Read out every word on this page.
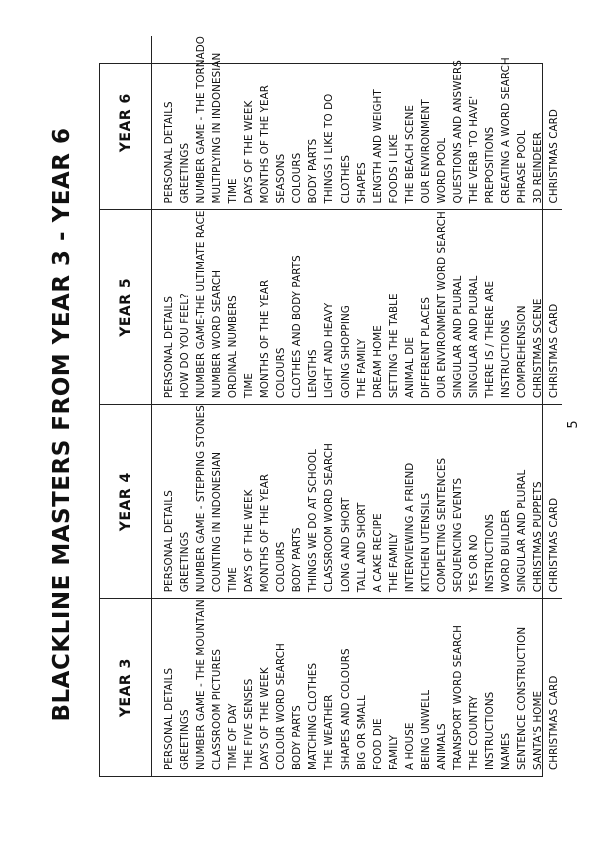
BLACKLINE MASTERS FROM YEAR 3 - YEAR 6	YEAR 3
YEAR 4
YEAR 5
YEAR 6
PERSONAL DETAILS GREETINGS NUMBER GAME - THE MOUNTAIN CLASSROOM PICTURES TIME OF DAY THE FIVE SENSES DAYS OF THE WEEK COLOUR WORD SEARCH BODY PARTS MATCHING CLOTHES THE WEATHER SHAPES AND COLOURS BIG OR SMALL FOOD DIE FAMILY A HOUSE BEING UNWELL ANIMALS TRANSPORT WORD SEARCH THE COUNTRY INSTRUCTIONS NAMES SENTENCE CONSTRUCTION SANTA'S HOME CHRISTMAS CARD
PERSONAL DETAILS GREETINGS NUMBER GAME - STEPPING STONES COUNTING IN INDONESIAN TIME DAYS OF THE WEEK MONTHS OF THE YEAR COLOURS BODY PARTS THINGS WE DO AT SCHOOL CLASSROOM WORD SEARCH LONG AND SHORT TALL AND SHORT A CAKE RECIPE THE FAMILY INTERVIEWING A FRIEND KITCHEN UTENSILS COMPLETING SENTENCES SEQUENCING EVENTS YES OR NO INSTRUCTIONS WORD BUILDER SINGULAR AND PLURAL CHRISTMAS PUPPETS CHRISTMAS CARD
PERSONAL DETAILS HOW DO YOU FEEL? NUMBER GAME-THE ULTIMATE RACE NUMBER WORD SEARCH ORDINAL NUMBERS TIME MONTHS OF THE YEAR COLOURS CLOTHES AND BODY PARTS LENGTHS LIGHT AND HEAVY GOING SHOPPING THE FAMILY DREAM HOME SETTING THE TABLE ANIMAL DIE DIFFERENT PLACES OUR ENVIRONMENT WORD SEARCH SINGULAR AND PLURAL SINGULAR AND PLURAL THERE IS / THERE ARE INSTRUCTIONS COMPREHENSION CHRISTMAS SCENE CHRISTMAS CARD
PERSONAL DETAILS GREETINGS NUMBER GAME - THE TORNADO MULTIPLYING IN INDONESIAN TIME DAYS OF THE WEEK MONTHS OF THE YEAR SEASONS COLOURS BODY PARTS THINGS I LIKE TO DO CLOTHES SHAPES LENGTH AND WEIGHT FOODS I LIKE THE BEACH SCENE OUR ENVIRONMENT WORD POOL QUESTIONS AND ANSWERS THE VERB 'TO HAVE' PREPOSITIONS CREATING A WORD SEARCH PHRASE POOL 3D REINDEER CHRISTMAS CARD
5
